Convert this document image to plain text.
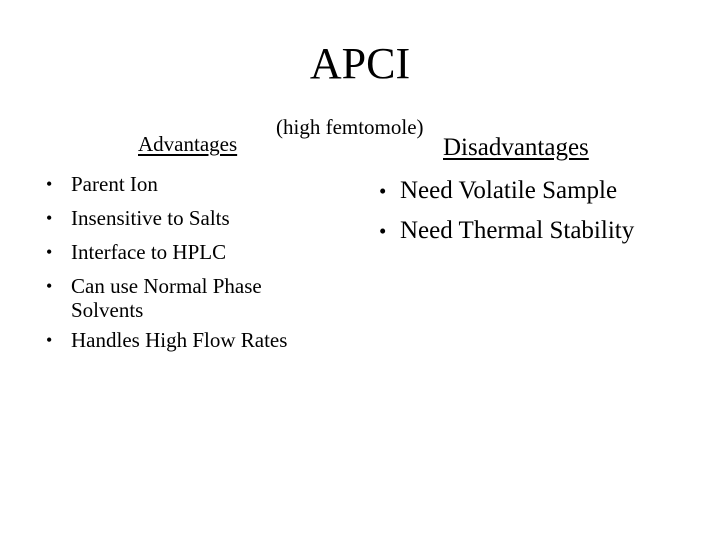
APCI
(high femtomole)
Advantages	Disadvantages
• Parent Ion
• Insensitive to Salts
• Interface to HPLC
• Can use Normal Phase
Solvents
• Handles High Flow Rates
• Need Volatile Sample
• Need Thermal Stability
